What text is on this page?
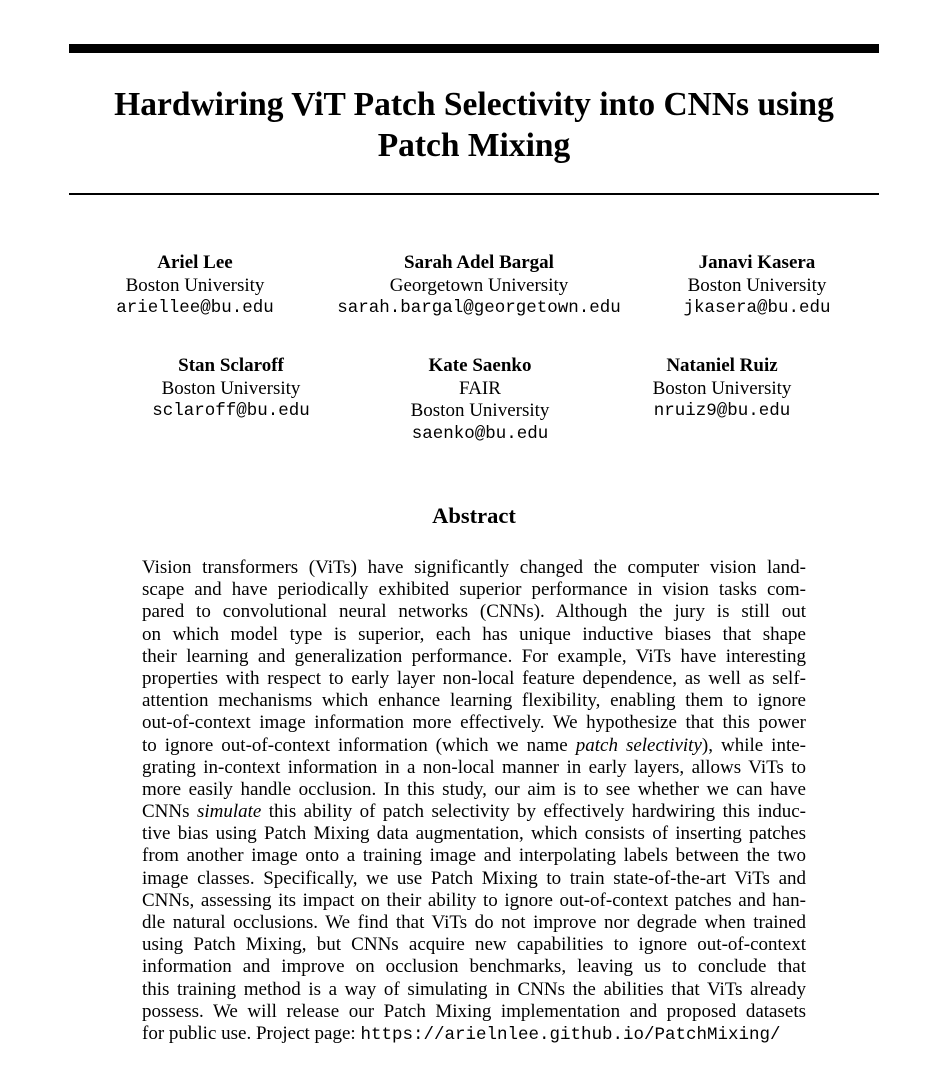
Hardwiring ViT Patch Selectivity into CNNs using
Patch Mixing
Ariel Lee
Boston University
ariellee@bu.edu
Sarah Adel Bargal
Georgetown University
sarah.bargal@georgetown.edu
Janavi Kasera
Boston University
jkasera@bu.edu
Stan Sclaroff
Boston University
sclaroff@bu.edu
Kate Saenko
FAIR
Boston University
saenko@bu.edu
Nataniel Ruiz
Boston University
nruiz9@bu.edu
Abstract
Vision transformers (ViTs) have significantly changed the computer vision land-
scape and have periodically exhibited superior performance in vision tasks com-
pared to convolutional neural networks (CNNs). Although the jury is still out
on which model type is superior, each has unique inductive biases that shape
their learning and generalization performance. For example, ViTs have interesting
properties with respect to early layer non-local feature dependence, as well as self-
attention mechanisms which enhance learning flexibility, enabling them to ignore
out-of-context image information more effectively. We hypothesize that this power
to ignore out-of-context information (which we name patch selectivity), while inte-
grating in-context information in a non-local manner in early layers, allows ViTs to
more easily handle occlusion. In this study, our aim is to see whether we can have
CNNs simulate this ability of patch selectivity by effectively hardwiring this induc-
tive bias using Patch Mixing data augmentation, which consists of inserting patches
from another image onto a training image and interpolating labels between the two
image classes. Specifically, we use Patch Mixing to train state-of-the-art ViTs and
CNNs, assessing its impact on their ability to ignore out-of-context patches and han-
dle natural occlusions. We find that ViTs do not improve nor degrade when trained
using Patch Mixing, but CNNs acquire new capabilities to ignore out-of-context
information and improve on occlusion benchmarks, leaving us to conclude that
this training method is a way of simulating in CNNs the abilities that ViTs already
possess. We will release our Patch Mixing implementation and proposed datasets
for public use. Project page: https://arielnlee.github.io/PatchMixing/
